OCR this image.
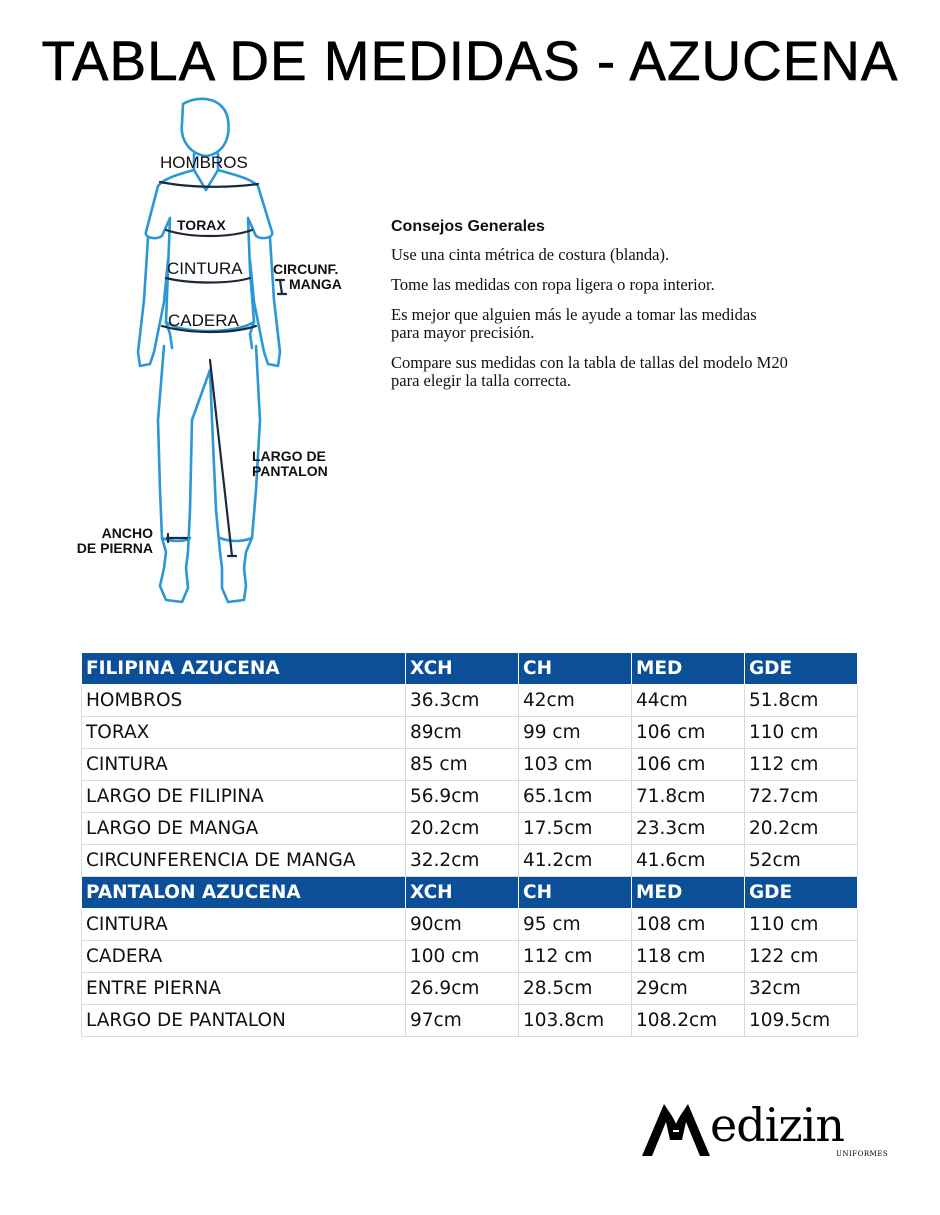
TABLA DE MEDIDAS - AZUCENA
HOMBROS
TORAX
CINTURA CIRCUNF.
MANGA
CADERA
LARGO DE
PANTALON
ANCHO
DE PIERNA
Consejos Generales

Use una cinta métrica de costura (blanda).

Tome las medidas con ropa ligera o ropa interior.

Es mejor que alguien más le ayude a tomar las medidas
para mayor precisión.

Compare sus medidas con la tabla de tallas del modelo M20
para elegir la talla correcta.

FILIPINA AZUCENA	XCH	CH	MED	GDE
HOMBROS	36.3cm	42cm	44cm	51.8cm
TORAX	89cm	99 cm	106 cm	110 cm
CINTURA	85 cm	103 cm	106 cm	112 cm
LARGO DE FILIPINA	56.9cm	65.1cm	71.8cm	72.7cm
LARGO DE MANGA	20.2cm	17.5cm	23.3cm	20.2cm
CIRCUNFERENCIA DE MANGA	32.2cm	41.2cm	41.6cm	52cm
PANTALON AZUCENA	XCH	CH	MED	GDE
CINTURA	90cm	95 cm	108 cm	110 cm
CADERA	100 cm	112 cm	118 cm	122 cm
ENTRE PIERNA	26.9cm	28.5cm	29cm	32cm
LARGO DE PANTALON	97cm	103.8cm	108.2cm	109.5cm
edizin
UNIFORMES
